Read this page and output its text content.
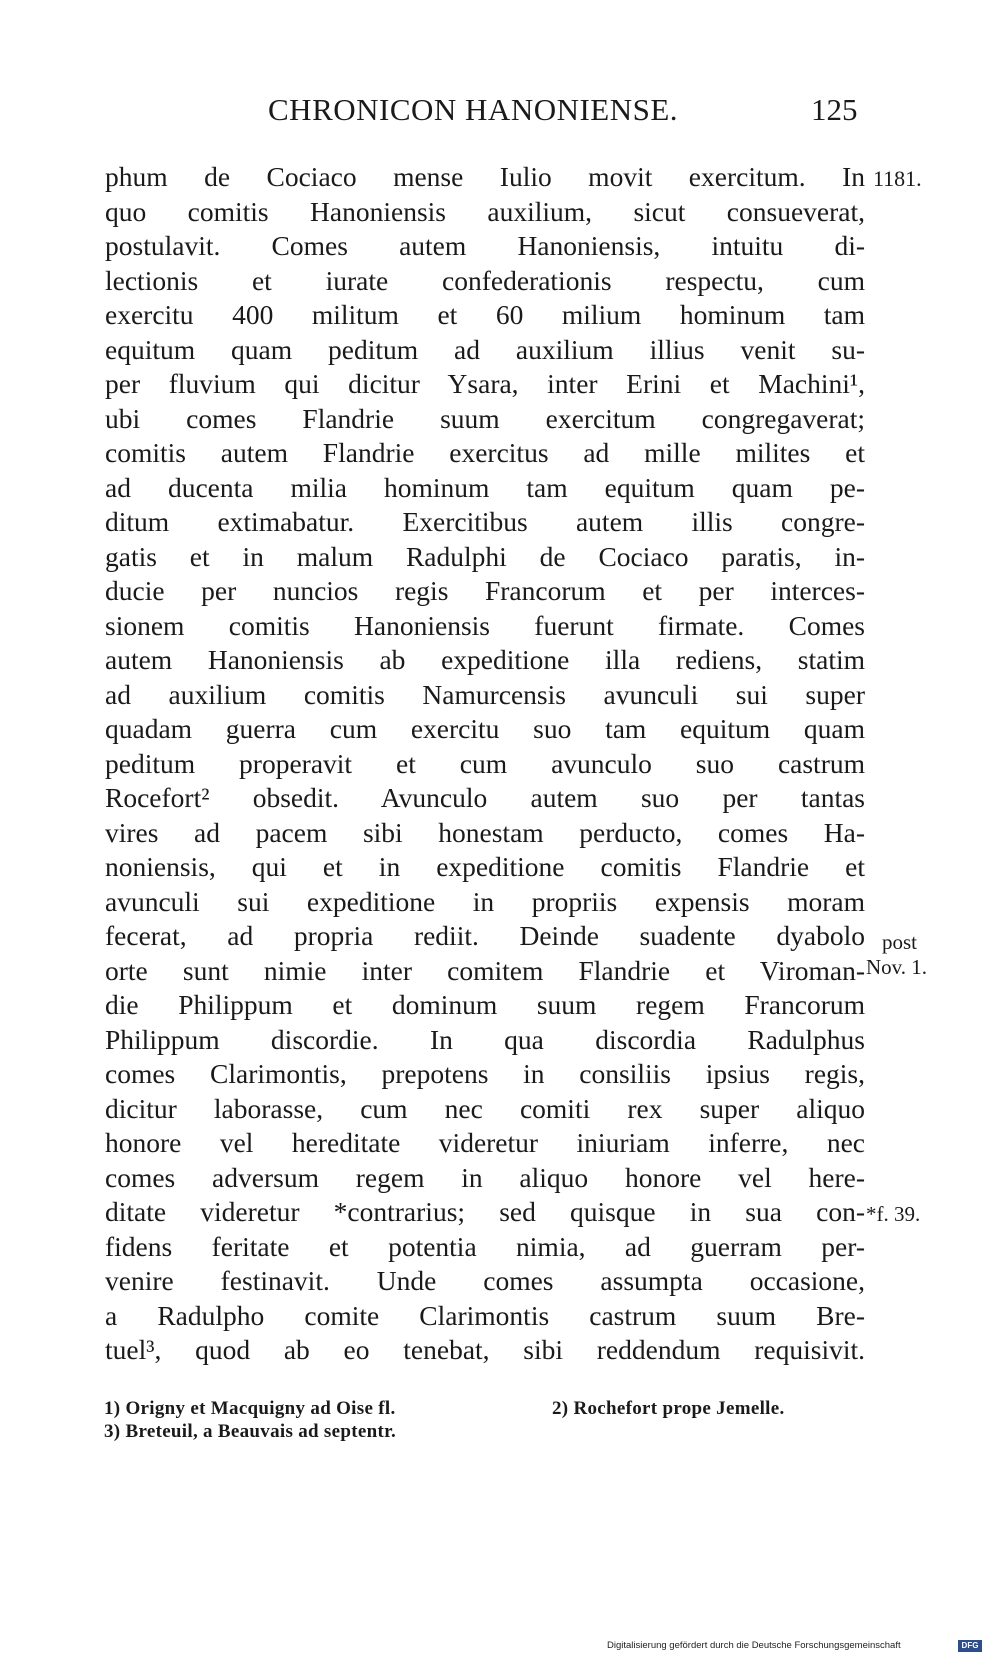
CHRONICON HANONIENSE.	125
phum de Cociaco mense Iulio movit exercitum. In
quo comitis Hanoniensis auxilium, sicut consueverat,
postulavit. Comes autem Hanoniensis, intuitu di-
lectionis et iurate confederationis respectu, cum
exercitu 400 militum et 60 milium hominum tam
equitum quam peditum ad auxilium illius venit su-
per fluvium qui dicitur Ysara, inter Erini et Machini¹,
ubi comes Flandrie suum exercitum congregaverat;
comitis autem Flandrie exercitus ad mille milites et
ad ducenta milia hominum tam equitum quam pe-
ditum extimabatur. Exercitibus autem illis congre-
gatis et in malum Radulphi de Cociaco paratis, in-
ducie per nuncios regis Francorum et per interces-
sionem comitis Hanoniensis fuerunt firmate. Comes
autem Hanoniensis ab expeditione illa rediens, statim
ad auxilium comitis Namurcensis avunculi sui super
quadam guerra cum exercitu suo tam equitum quam
peditum properavit et cum avunculo suo castrum
Rocefort² obsedit. Avunculo autem suo per tantas
vires ad pacem sibi honestam perducto, comes Ha-
noniensis, qui et in expeditione comitis Flandrie et
avunculi sui expeditione in propriis expensis moram
fecerat, ad propria rediit. Deinde suadente dyabolo
orte sunt nimie inter comitem Flandrie et Viroman-
die Philippum et dominum suum regem Francorum
Philippum discordie. In qua discordia Radulphus
comes Clarimontis, prepotens in consiliis ipsius regis,
dicitur laborasse, cum nec comiti rex super aliquo
honore vel hereditate videretur iniuriam inferre, nec
comes adversum regem in aliquo honore vel here-
ditate videretur *contrarius; sed quisque in sua con-
fidens feritate et potentia nimia, ad guerram per-
venire festinavit. Unde comes assumpta occasione,
a Radulpho comite Clarimontis castrum suum Bre-
tuel³, quod ab eo tenebat, sibi reddendum requisivit.
1181.
post
Nov. 1.
*f. 39.
1) Origny et Macquigny ad Oise fl.	2) Rochefort prope Jemelle.
3) Breteuil, a Beauvais ad septentr.
Digitalisierung gefördert durch die Deutsche Forschungsgemeinschaft	DFG
